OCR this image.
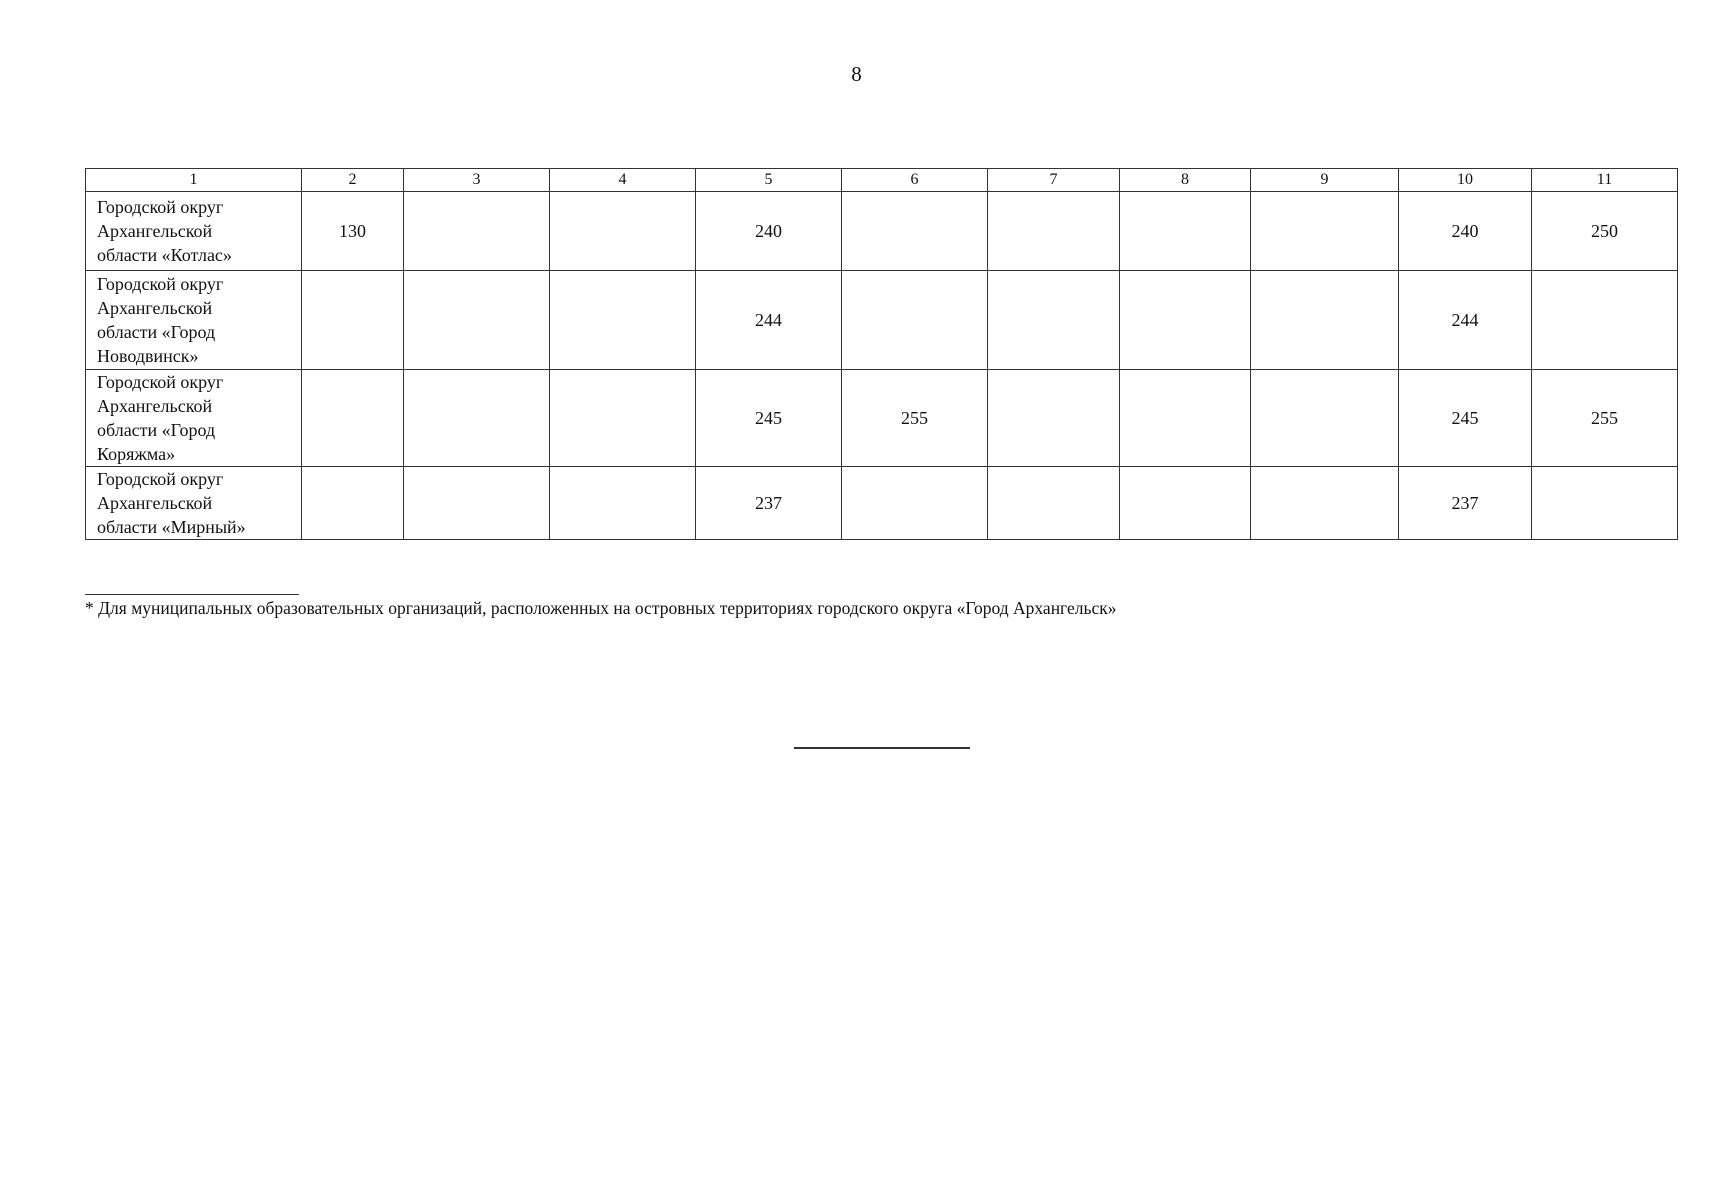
8
1	2	3	4	5	6	7	8	9	10	11

Городской округ
Архангельской
области «Котлас»	130			240					240	250

Городской округ
Архангельской
области «Город
Новодвинск»				244					244	

Городской округ
Архангельской
области «Город
Коряжма»				245	255				245	255

Городской округ
Архангельской
области «Мирный»				237					237	
* Для муниципальных образовательных организаций, расположенных на островных территориях городского округа «Город Архангельск»
